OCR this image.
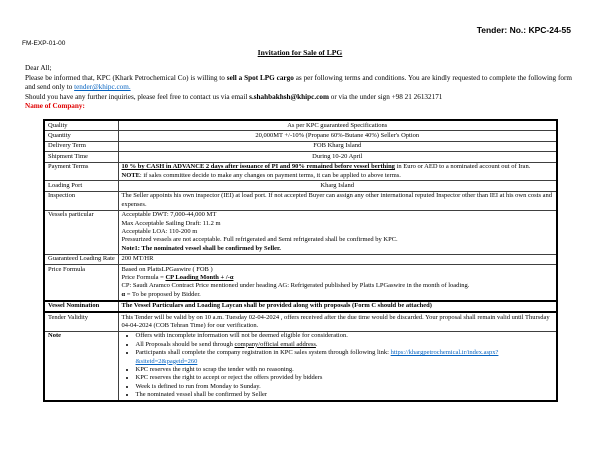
Tender: No.: KPC-24-55
FM-EXP-01-00
Invitation for Sale of LPG

Dear All;

Please be informed that, KPC (Khark Petrochemical Co) is willing to sell a Spot LPG cargo as per following terms and conditions. You are kindly requested to complete the following form and send only to tender@khipc.com.

Should you have any further inquiries, please feel free to contact us via email s.shahbakhsh@khipc.com or via the under sign +98 21 26132171

Name of Company:

Quality	As per KPC guaranteed Specifications
Quantity	20,000MT +/-10% (Propane 60%-Butane 40%) Seller's Option
Delivery Term	FOB Kharg Island
Shipment Time	During 10-20 April
Payment Terms	10 % by CASH in ADVANCE 2 days after issuance of PI and 90% remained before vessel berthing in Euro or AED to a nominated account out of Iran.
NOTE: if sales committee decide to make any changes on payment terms, it can be applied to above terms.
Loading Port	Kharg Island
Inspection	The Seller appoints his own inspector (IEI) at load port. If not accepted Buyer can assign any other international reputed Inspector other than IEI at his own costs and expenses.
Vessels particular	Acceptable DWT: 7,000-44,000 MT
Max Acceptable Sailing Draft: 11.2 m
Acceptable LOA: 110-200 m
Pressurized vessels are not acceptable. Full refrigerated and Semi refrigerated shall be confirmed by KPC.
Note1: The nominated vessel shall be confirmed by Seller.
Guaranteed Loading Rate	200 MT/HR
Price Formula	Based on PlattsLPGaswire ( FOB )
Price Formula = CP Loading Month + /-α
CP: Saudi Aramco Contract Price mentioned under heading AG: Refrigerated published by Platts LPGaswire in the month of loading.
α = To be proposed by Bidder.
Vessel Nomination	The Vessel Particulars and Loading Laycan shall be provided along with proposals (Form C should be attached)
Tender Validity	This Tender will be valid by on 10 a.m. Tuesday 02-04-2024 , offers received after the due time would be discarded. Your proposal shall remain valid until Thursday 04-04-2024 (COB Tehran Time) for our verification.
Note	
•Offers with incomplete information will not be deemed eligible for consideration.
• All Proposals should be send through company/official email address.
• Participants shall complete the company registration in KPC sales system through following link: https://khargpetrochemical.ir/index.aspx?&siteid=2&pageid=260
• KPC reserves the right to scrap the tender with no reasoning.
• KPC reserves the right to accept or reject the offers provided by bidders
• Week is defined to run from Monday to Sunday.
• The nominated vessel shall be confirmed by Seller
